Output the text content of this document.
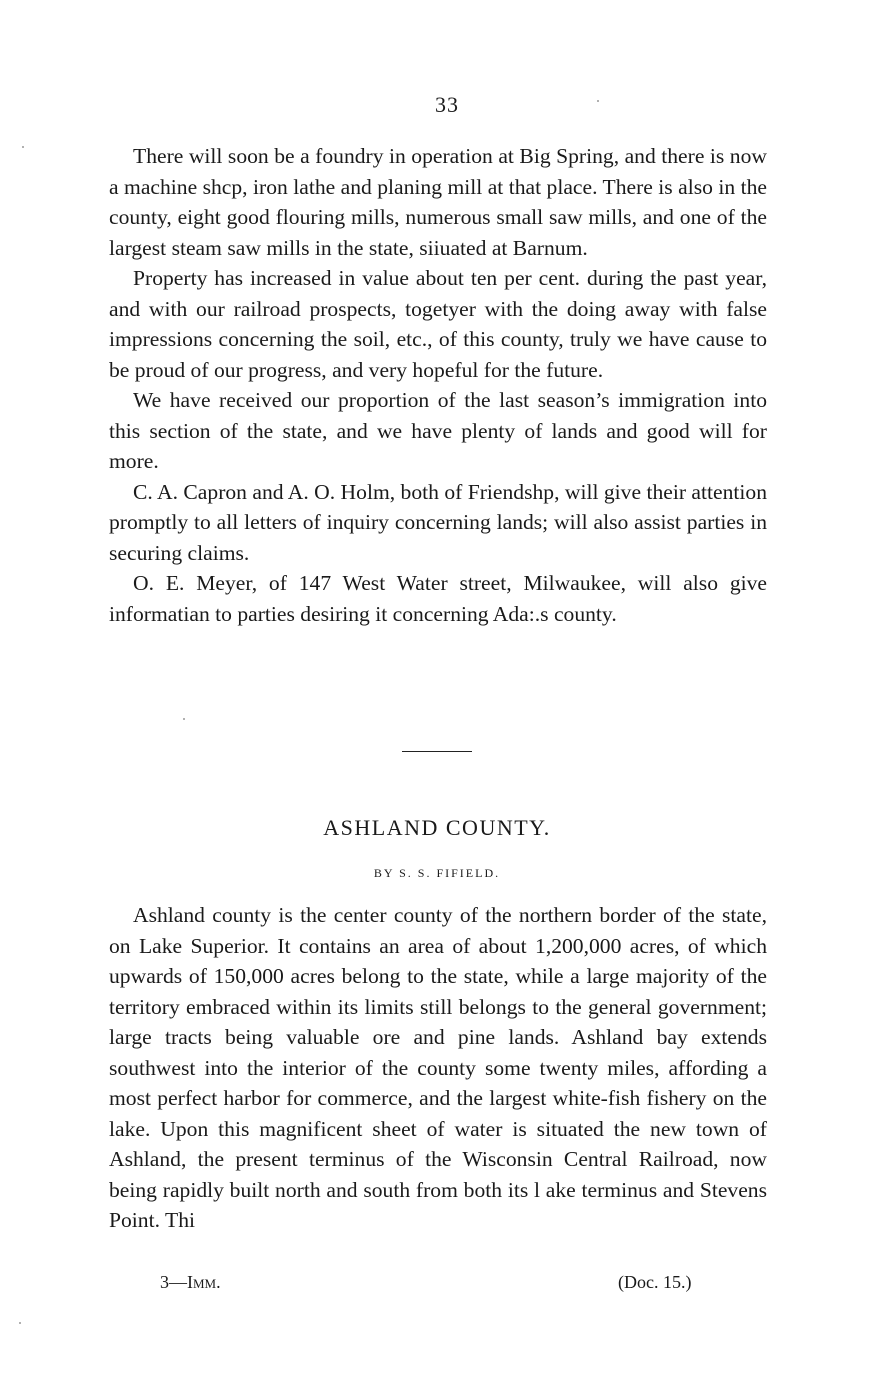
33

There will soon be a foundry in operation at Big Spring, and there is now a machine shcp, iron lathe and planing mill at that place. There is also in the county, eight good flouring mills, numerous small saw mills, and one of the largest steam saw mills in the state, siiuated at Barnum.

Property has increased in value about ten per cent. during the past year, and with our railroad prospects, togetyer with the doing away with false impressions concerning the soil, etc., of this county, truly we have cause to be proud of our progress, and very hopeful for the future.

We have received our proportion of the last season’s immigration into this section of the state, and we have plenty of lands and good will for more.

C. A. Capron and A. O. Holm, both of Friendshp, will give their attention promptly to all letters of inquiry concerning lands; will also assist parties in securing claims.

O. E. Meyer, of 147 West Water street, Milwaukee, will also give informatian to parties desiring it concerning Ada:.s county.

ASHLAND COUNTY.
BY S. S. FIFIELD.

Ashland county is the center county of the northern border of the state, on Lake Superior. It contains an area of about 1,200,000 acres, of which upwards of 150,000 acres belong to the state, while a large majority of the territory embraced within its limits still belongs to the general government; large tracts being valuable ore and pine lands. Ashland bay extends southwest into the interior of the county some twenty miles, affording a most perfect harbor for commerce, and the largest white-fish fishery on the lake. Upon this magnificent sheet of water is situated the new town of Ashland, the present terminus of the Wisconsin Central Railroad, now being rapidly built north and south from both its l ake terminus and Stevens Point. Thi

3—Imm.	(Doc. 15.)
